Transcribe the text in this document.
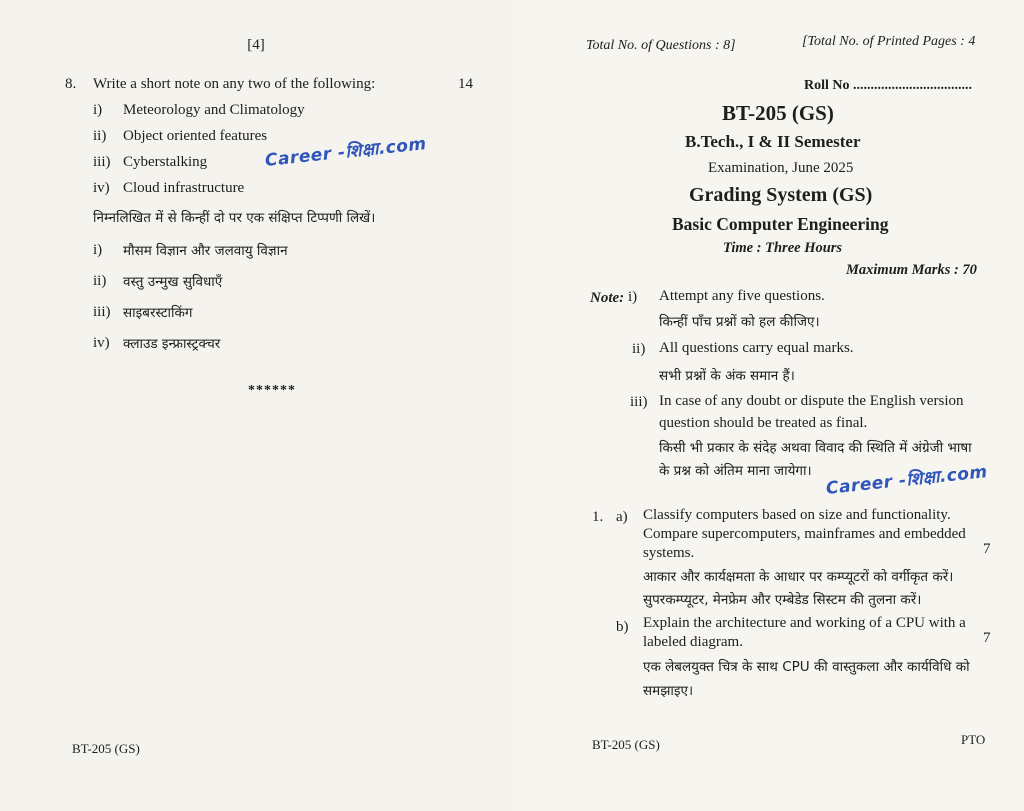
[4]
8. Write a short note on any two of the following:	14
i) Meteorology and Climatology
ii) Object oriented features
iii) Cyberstalking
iv) Cloud infrastructure
Career -शिक्षा.com
निम्नलिखित में से किन्हीं दो पर एक संक्षिप्त टिप्पणी लिखें।
i) मौसम विज्ञान और जलवायु विज्ञान
ii) वस्तु उन्मुख सुविधाएँ
iii) साइबरस्टाकिंग
iv) क्लाउड इन्फ्रास्ट्रक्चर
******
BT-205 (GS)
Total No. of Questions : 8]	[Total No. of Printed Pages : 4
Roll No ..................................
BT-205 (GS)
B.Tech., I & II Semester
Examination, June 2025
Grading System (GS)
Basic Computer Engineering
Time : Three Hours
Maximum Marks : 70
Note: i) Attempt any five questions.
किन्हीं पाँच प्रश्नों को हल कीजिए।
ii) All questions carry equal marks.
सभी प्रश्नों के अंक समान हैं।
iii) In case of any doubt or dispute the English version
question should be treated as final.
किसी भी प्रकार के संदेह अथवा विवाद की स्थिति में अंग्रेजी भाषा
के प्रश्न को अंतिम माना जायेगा। Career -शिक्षा.com
1. a) Classify computers based on size and functionality.
Compare supercomputers, mainframes and embedded
systems.	7
आकार और कार्यक्षमता के आधार पर कम्प्यूटरों को वर्गीकृत करें।
सुपरकम्प्यूटर, मेनफ्रेम और एम्बेडेड सिस्टम की तुलना करें।
b) Explain the architecture and working of a CPU with a
labeled diagram.	7
एक लेबलयुक्त चित्र के साथ CPU की वास्तुकला और कार्यविधि को
समझाइए।
BT-205 (GS)	PTO
